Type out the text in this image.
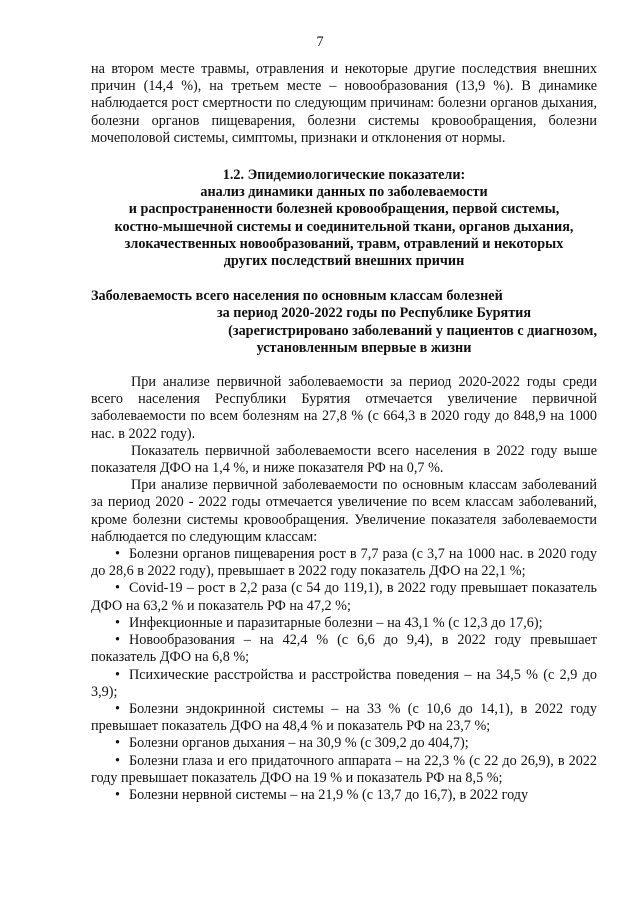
7

на втором месте травмы, отравления и некоторые другие последствия внешних причин (14,4 %), на третьем месте – новообразования (13,9 %). В динамике наблюдается рост смертности по следующим причинам: болезни органов дыхания, болезни органов пищеварения, болезни системы кровообращения, болезни мочеполовой системы, симптомы, признаки и отклонения от нормы.

1.2. Эпидемиологические показатели:
анализ динамики данных по заболеваемости
и распространенности болезней кровообращения, первой системы,
костно-мышечной системы и соединительной ткани, органов дыхания,
злокачественных новообразований, травм, отравлений и некоторых
других последствий внешних причин
Заболеваемость всего населения по основным классам болезней
за период 2020-2022 годы по Республике Бурятия
(зарегистрировано заболеваний у пациентов с диагнозом,
установленным впервые в жизни

При анализе первичной заболеваемости за период 2020-2022 годы среди всего населения Республики Бурятия отмечается увеличение первичной заболеваемости по всем болезням на 27,8 % (с 664,3 в 2020 году до 848,9 на 1000 нас. в 2022 году).

Показатель первичной заболеваемости всего населения в 2022 году выше показателя ДФО на 1,4 %, и ниже показателя РФ на 0,7 %.

При анализе первичной заболеваемости по основным классам заболеваний за период 2020 - 2022 годы отмечается увеличение по всем классам заболеваний, кроме болезни системы кровообращения. Увеличение показателя заболеваемости наблюдается по следующим классам:

• Болезни органов пищеварения рост в 7,7 раза (с 3,7 на 1000 нас. в 2020 году до 28,6 в 2022 году), превышает в 2022 году показатель ДФО на 22,1 %;

• Covid-19 – рост в 2,2 раза (с 54 до 119,1), в 2022 году превышает показатель ДФО на 63,2 % и показатель РФ на 47,2 %;

• Инфекционные и паразитарные болезни – на 43,1 % (с 12,3 до 17,6);

• Новообразования – на 42,4 % (с 6,6 до 9,4), в 2022 году превышает показатель ДФО на 6,8 %;

• Психические расстройства и расстройства поведения – на 34,5 % (с 2,9 до 3,9);

• Болезни эндокринной системы – на 33 % (с 10,6 до 14,1), в 2022 году превышает показатель ДФО на 48,4 % и показатель РФ на 23,7 %;

• Болезни органов дыхания – на 30,9 % (с 309,2 до 404,7);

• Болезни глаза и его придаточного аппарата – на 22,3 % (с 22 до 26,9), в 2022 году превышает показатель ДФО на 19 % и показатель РФ на 8,5 %;

• Болезни нервной системы – на 21,9 % (с 13,7 до 16,7), в 2022 году
